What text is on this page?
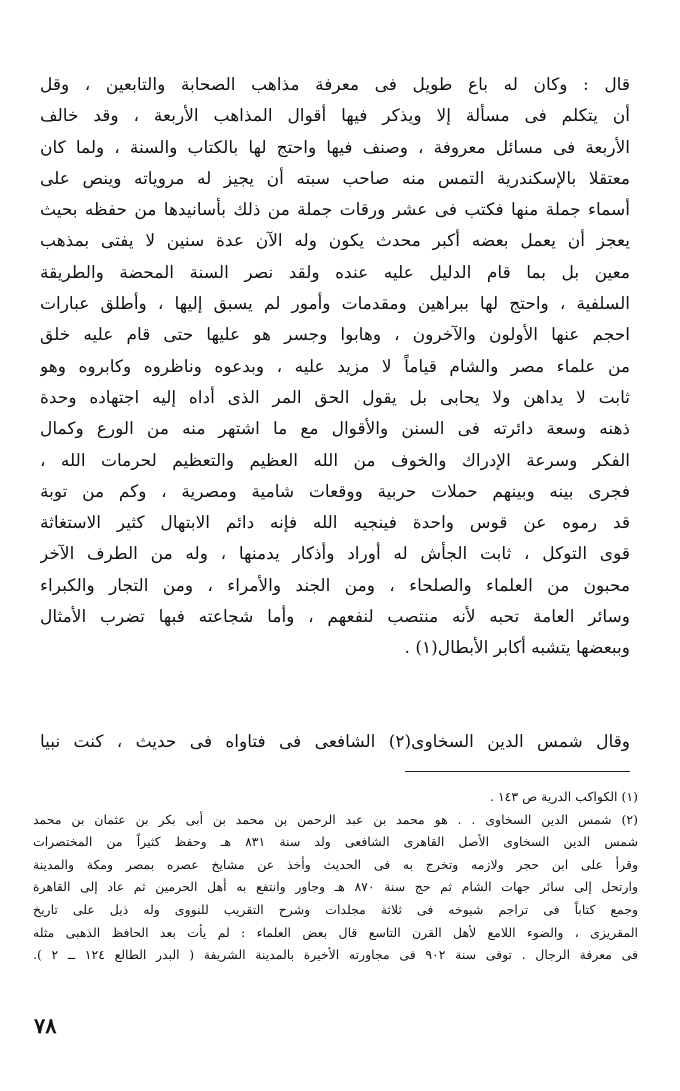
قال : وكان له باع طويل فى معرفة مذاهب الصحابة والتابعين ، وقل
أن يتكلم فى مسألة إلا ويذكر فيها أقوال المذاهب الأربعة ، وقد خالف
الأربعة فى مسائل معروفة ، وصنف فيها واحتج لها بالكتاب والسنة ، ولما كان
معتقلا بالإسكندرية التمس منه صاحب سبته أن يجيز له مروياته وينص على
أسماء جملة منها فكتب فى عشر ورقات جملة من ذلك بأسانيدها من حفظه بحيث
يعجز أن يعمل بعضه أكبر محدث يكون وله الآن عدة سنين لا يفتى بمذهب
معين بل بما قام الدليل عليه عنده ولقد نصر السنة المحضة والطريقة
السلفية ، واحتج لها ببراهين ومقدمات وأمور لم يسبق إليها ، وأطلق عبارات
احجم عنها الأولون والآخرون ، وهابوا وجسر هو عليها حتى قام عليه خلق
من علماء مصر والشام قياماً لا مزيد عليه ، وبدعوه وناظروه وكابروه وهو
ثابت لا يداهن ولا يحابى بل يقول الحق المر الذى أداه إليه اجتهاده وحدة
ذهنه وسعة دائرته فى السنن والأقوال مع ما اشتهر منه من الورع وكمال
الفكر وسرعة الإدراك والخوف من الله العظيم والتعظيم لحرمات الله ،
فجرى بينه وبينهم حملات حربية ووقعات شامية ومصرية ، وكم من توبة
قد رموه عن قوس واحدة فينجيه الله فإنه دائم الابتهال كثير الاستغاثة
قوى التوكل ، ثابت الجأش له أوراد وأذكار يدمنها ، وله من الطرف الآخر
محبون من العلماء والصلحاء ، ومن الجند والأمراء ، ومن التجار والكبراء
وسائر العامة تحبه لأنه منتصب لنفعهم ، وأما شجاعته فبها تضرب الأمثال
وببعضها يتشبه أكابر الأبطال(١) .
وقال شمس الدين السخاوى(٢) الشافعى فى فتاواه فى حديث ، كنت نبيا
(١) الكواكب الدرية ص ١٤٣ .
(٢) شمس الدين السخاوى . . هو محمد بن عبد الرحمن بن محمد بن أبى بكر بن عثمان بن محمد
شمس الدين السخاوى الأصل القاهرى الشافعى ولد سنة ٨٣١ هـ وحفظ كثيراً من المختصرات
وقرأ على ابن حجر ولازمه وتخرج به فى الحديث وأخذ عن مشايخ عصره بمصر ومكة والمدينة
وارتحل إلى سائر جهات الشام ثم حج سنة ٨٧٠ هـ وجاور وانتفع به أهل الحرمين ثم عاد إلى القاهرة
وجمع كتاباً فى تراجم شيوخه فى ثلاثة مجلدات وشرح التقريب للنووى وله ذيل على تاريخ
المقريزى ، والضوء اللامع لأهل القرن التاسع قال بعض العلماء : لم يأت بعد الحافظ الذهبى مثله
فى معرفة الرجال . توفى سنة ٩٠٢ فى مجاورته الأخيرة بالمدينة الشريفة ( البدر الطالع ١٢٤ ــ ٢ ).
٧٨
